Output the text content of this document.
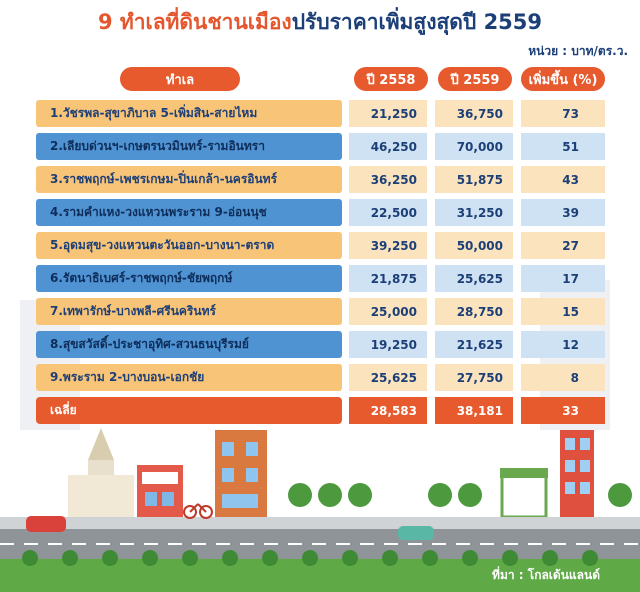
9 ทำเลที่ดินชานเมืองปรับราคาเพิ่มสูงสุดปี 2559
หน่วย : บาท/ตร.ว.
ทำเล	ปี 2558	ปี 2559	เพิ่มขึ้น (%)
1.วัชรพล-สุขาภิบาล 5-เพิ่มสิน-สายไหม	21,250	36,750	73
2.เลียบด่วนฯ-เกษตรนวมินทร์-รามอินทรา	46,250	70,000	51
3.ราชพฤกษ์-เพชรเกษม-ปิ่นเกล้า-นครอินทร์	36,250	51,875	43
4.รามคำแหง-วงแหวนพระราม 9-อ่อนนุช	22,500	31,250	39
5.อุดมสุข-วงแหวนตะวันออก-บางนา-ตราด	39,250	50,000	27
6.รัตนาธิเบศร์-ราชพฤกษ์-ชัยพฤกษ์	21,875	25,625	17
7.เทพารักษ์-บางพลี-ศรีนครินทร์	25,000	28,750	15
8.สุขสวัสดิ์-ประชาอุทิศ-สวนธนบุรีรมย์	19,250	21,625	12
9.พระราม 2-บางบอน-เอกชัย	25,625	27,750	8
เฉลี่ย	28,583	38,181	33
ที่มา : โกลเด้นแลนด์
